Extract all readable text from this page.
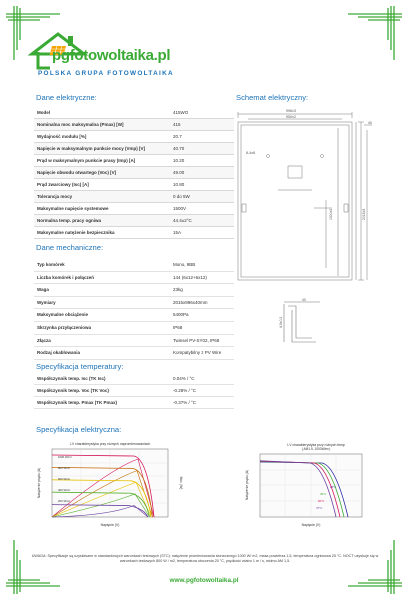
pgfotowoltaika.pl
POLSKA GRUPA FOTOWOLTAIKA
Dane elektryczne:
Model	415WO
Nominalna moc maksymalna (Pmax) [W]	415
Wydajność modułu [%]	20.7
Napięcie w maksymalnym punkcie mocy (Vmp) [V]	40.70
Prąd w maksymalnym punkcie prasy (Imp) [A]	10.20
Napięcie obwodu otwartego (Voc) [V]	49.00
Prąd zwarciowy (Isc) [A]	10.80
Tolerancja mocy	0 do 5W
Maksymalne napięcie systemowe	1500V
Normalna temp. pracy ogniwa	44.4±2°C
Maksymalne natężenie bezpiecznika	15A
Schemat elektryczny:
996±3
950±2
40
8-4x8
1300±2	2015±3
4.5±0.2
40
Dane mechaniczne:
Typ komórek	Mono, 9BB
Liczba komórek i połączeń	144 (6x12+6x12)
Waga	23kg
Wymiary	2015x996x40mm
Maksymalne obciążenie	5400Pa
Skrzynka przyłączeniowa	IP68
Złącza	Twinsel PV-SY02, IP68
Rodzaj okablowania	Kompatybilny z PV Wire
Specyfikacja temperatury:
Współczynnik temp. Isc (TK Isc)	0.04% / °C
Współczynnik temp. Voc (TK Voc)	-0.28% / °C
Współczynnik temp. Pmax (TK Pmax)	-0.37% / °C
Specyfikacja elektryczna:
I-V charakterystyka przy różnych napromienowaniach
Natężenie prądu (A)	Moc (W)
Napięcie (V)
1000 W/m²
800 W/m²
600 W/m²
400 W/m²
200 W/m²
I-V charakterystyka przy różnych temp
( AM1.5, 1000W/m²)
25°C
45°C
60°C
70°C
Natężenie prądu (A)
Napięcie (V)
UWAGA: Specyfikacje są uzyskiwane w standardowych warunkach testowych (STC): natężenie promieniowania słonecznego 1000 W/ m2, masa powietrza 1,5, temperatura ogniwowa 25 °C. NOCT uzyskuje się w warunkach testowych 800 W / m2, temperatura otoczenia 20 °C, prędkość wiatru 1 m / s, widmo AM 1,5.
www.pgfotowoltaika.pl
